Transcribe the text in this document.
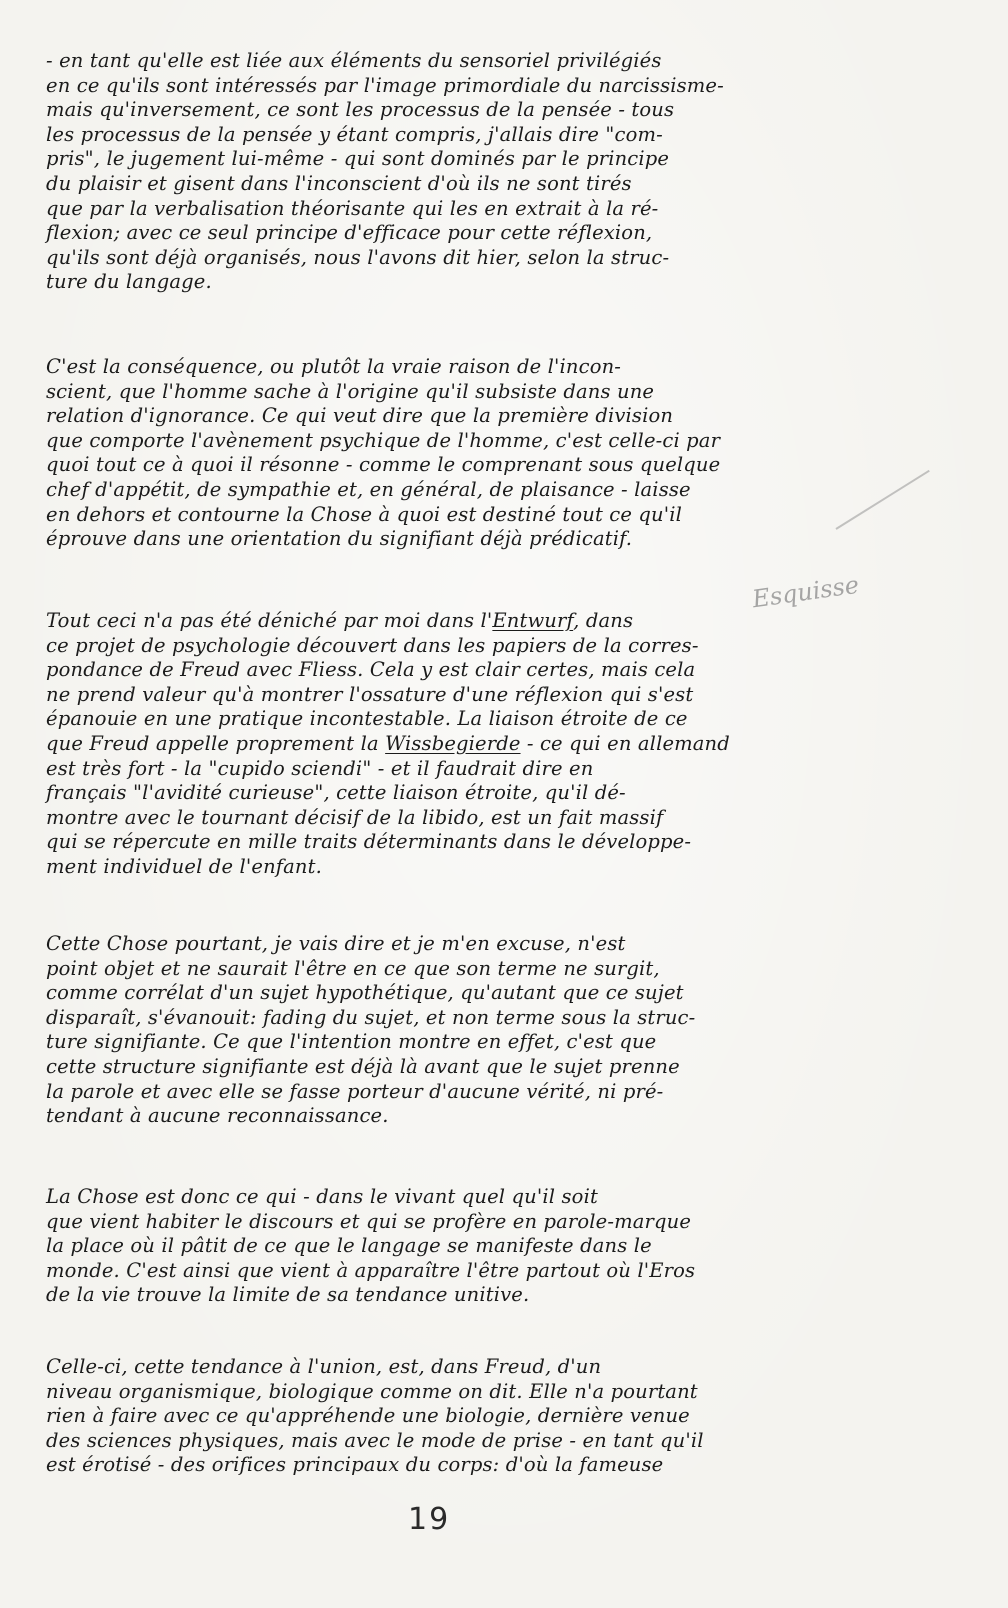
- en tant qu'elle est liée aux éléments du sensoriel privilégiés
en ce qu'ils sont intéressés par l'image primordiale du narcissisme-
mais qu'inversement, ce sont les processus de la pensée - tous
les processus de la pensée y étant compris, j'allais dire "com-
pris", le jugement lui-même - qui sont dominés par le principe
du plaisir et gisent dans l'inconscient d'où ils ne sont tirés
que par la verbalisation théorisante qui les en extrait à la ré-
flexion; avec ce seul principe d'efficace pour cette réflexion,
qu'ils sont déjà organisés, nous l'avons dit hier, selon la struc-
ture du langage.

C'est la conséquence, ou plutôt la vraie raison de l'incon-
scient, que l'homme sache à l'origine qu'il subsiste dans une
relation d'ignorance. Ce qui veut dire que la première division
que comporte l'avènement psychique de l'homme, c'est celle-ci par
quoi tout ce à quoi il résonne - comme le comprenant sous quelque
chef d'appétit, de sympathie et, en général, de plaisance - laisse
en dehors et contourne la Chose à quoi est destiné tout ce qu'il
éprouve dans une orientation du signifiant déjà prédicatif.

Tout ceci n'a pas été déniché par moi dans l'Entwurf, dans
ce projet de psychologie découvert dans les papiers de la corres-
pondance de Freud avec Fliess. Cela y est clair certes, mais cela
ne prend valeur qu'à montrer l'ossature d'une réflexion qui s'est
épanouie en une pratique incontestable. La liaison étroite de ce
que Freud appelle proprement la Wissbegierde - ce qui en allemand
est très fort - la "cupido sciendi" - et il faudrait dire en
français "l'avidité curieuse", cette liaison étroite, qu'il dé-
montre avec le tournant décisif de la libido, est un fait massif
qui se répercute en mille traits déterminants dans le développe-
ment individuel de l'enfant.

Cette Chose pourtant, je vais dire et je m'en excuse, n'est
point objet et ne saurait l'être en ce que son terme ne surgit,
comme corrélat d'un sujet hypothétique, qu'autant que ce sujet
disparaît, s'évanouit: fading du sujet, et non terme sous la struc-
ture signifiante. Ce que l'intention montre en effet, c'est que
cette structure signifiante est déjà là avant que le sujet prenne
la parole et avec elle se fasse porteur d'aucune vérité, ni pré-
tendant à aucune reconnaissance.

La Chose est donc ce qui - dans le vivant quel qu'il soit
que vient habiter le discours et qui se profère en parole-marque
la place où il pâtit de ce que le langage se manifeste dans le
monde. C'est ainsi que vient à apparaître l'être partout où l'Eros
de la vie trouve la limite de sa tendance unitive.

Celle-ci, cette tendance à l'union, est, dans Freud, d'un
niveau organismique, biologique comme on dit. Elle n'a pourtant
rien à faire avec ce qu'appréhende une biologie, dernière venue
des sciences physiques, mais avec le mode de prise - en tant qu'il
est érotisé - des orifices principaux du corps: d'où la fameuse

Esquisse
19
